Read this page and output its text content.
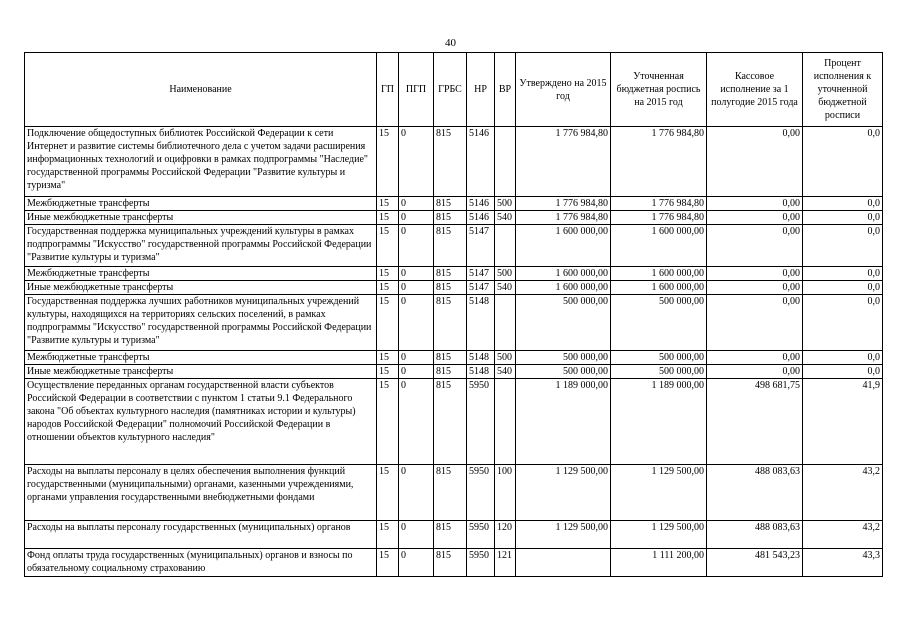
40
Наименование	ГП	ПГП	ГРБС	НР	ВР	Утверждено на 2015 год	Уточненная бюджетная роспись на 2015 год	Кассовое исполнение за 1 полугодие 2015 года	Процент исполнения к уточненной бюджетной росписи
Подключение общедоступных библиотек Российской Федерации к сети Интернет и развитие системы библиотечного дела с учетом задачи расширения информационных технологий и оцифровки в рамках подпрограммы "Наследие" государственной программы Российской Федерации "Развитие культуры и туризма"	15	0	815	5146		1 776 984,80	1 776 984,80	0,00	0,0
Межбюджетные трансферты	15	0	815	5146	500	1 776 984,80	1 776 984,80	0,00	0,0
Иные межбюджетные трансферты	15	0	815	5146	540	1 776 984,80	1 776 984,80	0,00	0,0
Государственная поддержка муниципальных учреждений культуры в рамках подпрограммы "Искусство" государственной программы Российской Федерации "Развитие культуры и туризма"	15	0	815	5147		1 600 000,00	1 600 000,00	0,00	0,0
Межбюджетные трансферты	15	0	815	5147	500	1 600 000,00	1 600 000,00	0,00	0,0
Иные межбюджетные трансферты	15	0	815	5147	540	1 600 000,00	1 600 000,00	0,00	0,0
Государственная поддержка лучших работников муниципальных учреждений культуры, находящихся на территориях сельских поселений, в рамках подпрограммы "Искусство" государственной программы Российской Федерации "Развитие культуры и туризма"	15	0	815	5148		500 000,00	500 000,00	0,00	0,0
Межбюджетные трансферты	15	0	815	5148	500	500 000,00	500 000,00	0,00	0,0
Иные межбюджетные трансферты	15	0	815	5148	540	500 000,00	500 000,00	0,00	0,0
Осуществление переданных органам государственной власти субъектов Российской Федерации в соответствии с пунктом 1 статьи 9.1 Федерального закона "Об объектах культурного наследия (памятниках истории и культуры) народов Российской Федерации" полномочий Российской Федерации в отношении объектов культурного наследия"	15	0	815	5950		1 189 000,00	1 189 000,00	498 681,75	41,9
Расходы на выплаты персоналу в целях обеспечения выполнения функций государственными (муниципальными) органами, казенными учреждениями, органами управления государственными внебюджетными фондами	15	0	815	5950	100	1 129 500,00	1 129 500,00	488 083,63	43,2
Расходы на выплаты персоналу государственных (муниципальных) органов	15	0	815	5950	120	1 129 500,00	1 129 500,00	488 083,63	43,2
Фонд оплаты труда государственных (муниципальных) органов и взносы по обязательному социальному страхованию	15	0	815	5950	121		1 111 200,00	481 543,23	43,3
